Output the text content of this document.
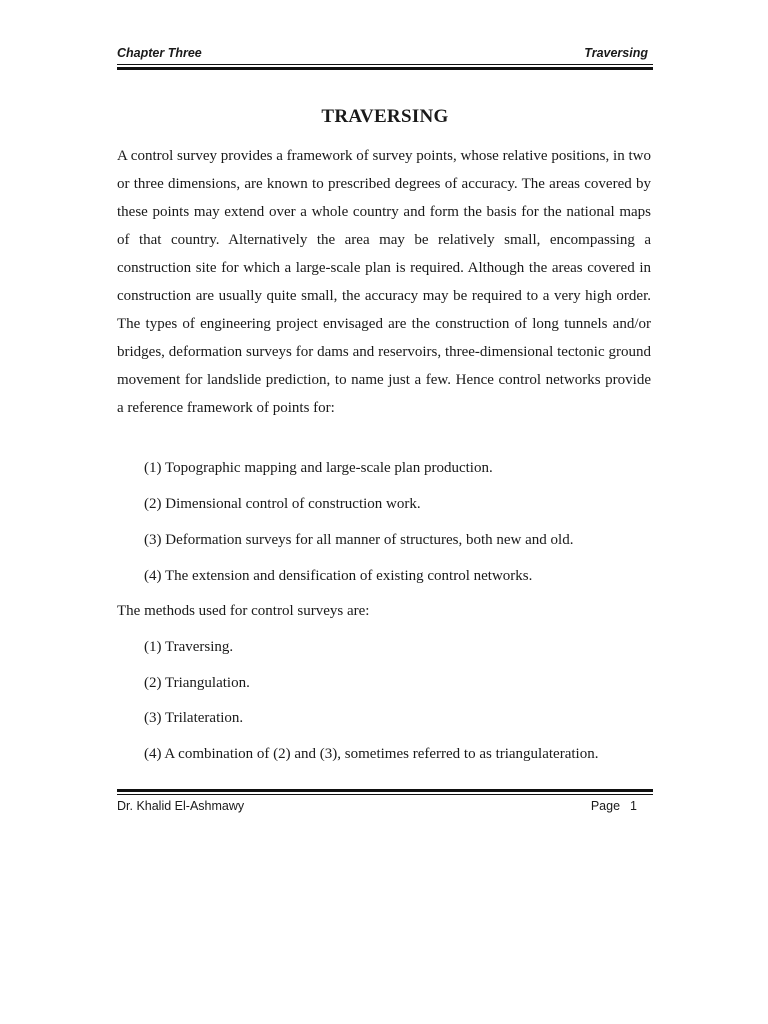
Chapter Three	Traversing
TRAVERSING

A control survey provides a framework of survey points, whose relative positions, in two or three dimensions, are known to prescribed degrees of accuracy. The areas covered by these points may extend over a whole country and form the basis for the national maps of that country. Alternatively the area may be relatively small, encompassing a construction site for which a large-scale plan is required. Although the areas covered in construction are usually quite small, the accuracy may be required to a very high order. The types of engineering project envisaged are the construction of long tunnels and/or bridges, deformation surveys for dams and reservoirs, three-dimensional tectonic ground movement for landslide prediction, to name just a few. Hence control networks provide a reference framework of points for:

(1) Topographic mapping and large-scale plan production.
(2) Dimensional control of construction work.
(3) Deformation surveys for all manner of structures, both new and old.
(4) The extension and densification of existing control networks.
The methods used for control surveys are:
(1) Traversing.
(2) Triangulation.
(3) Trilateration.
(4) A combination of (2) and (3), sometimes referred to as triangulateration.
Dr. Khalid El-Ashmawy	Page 1
